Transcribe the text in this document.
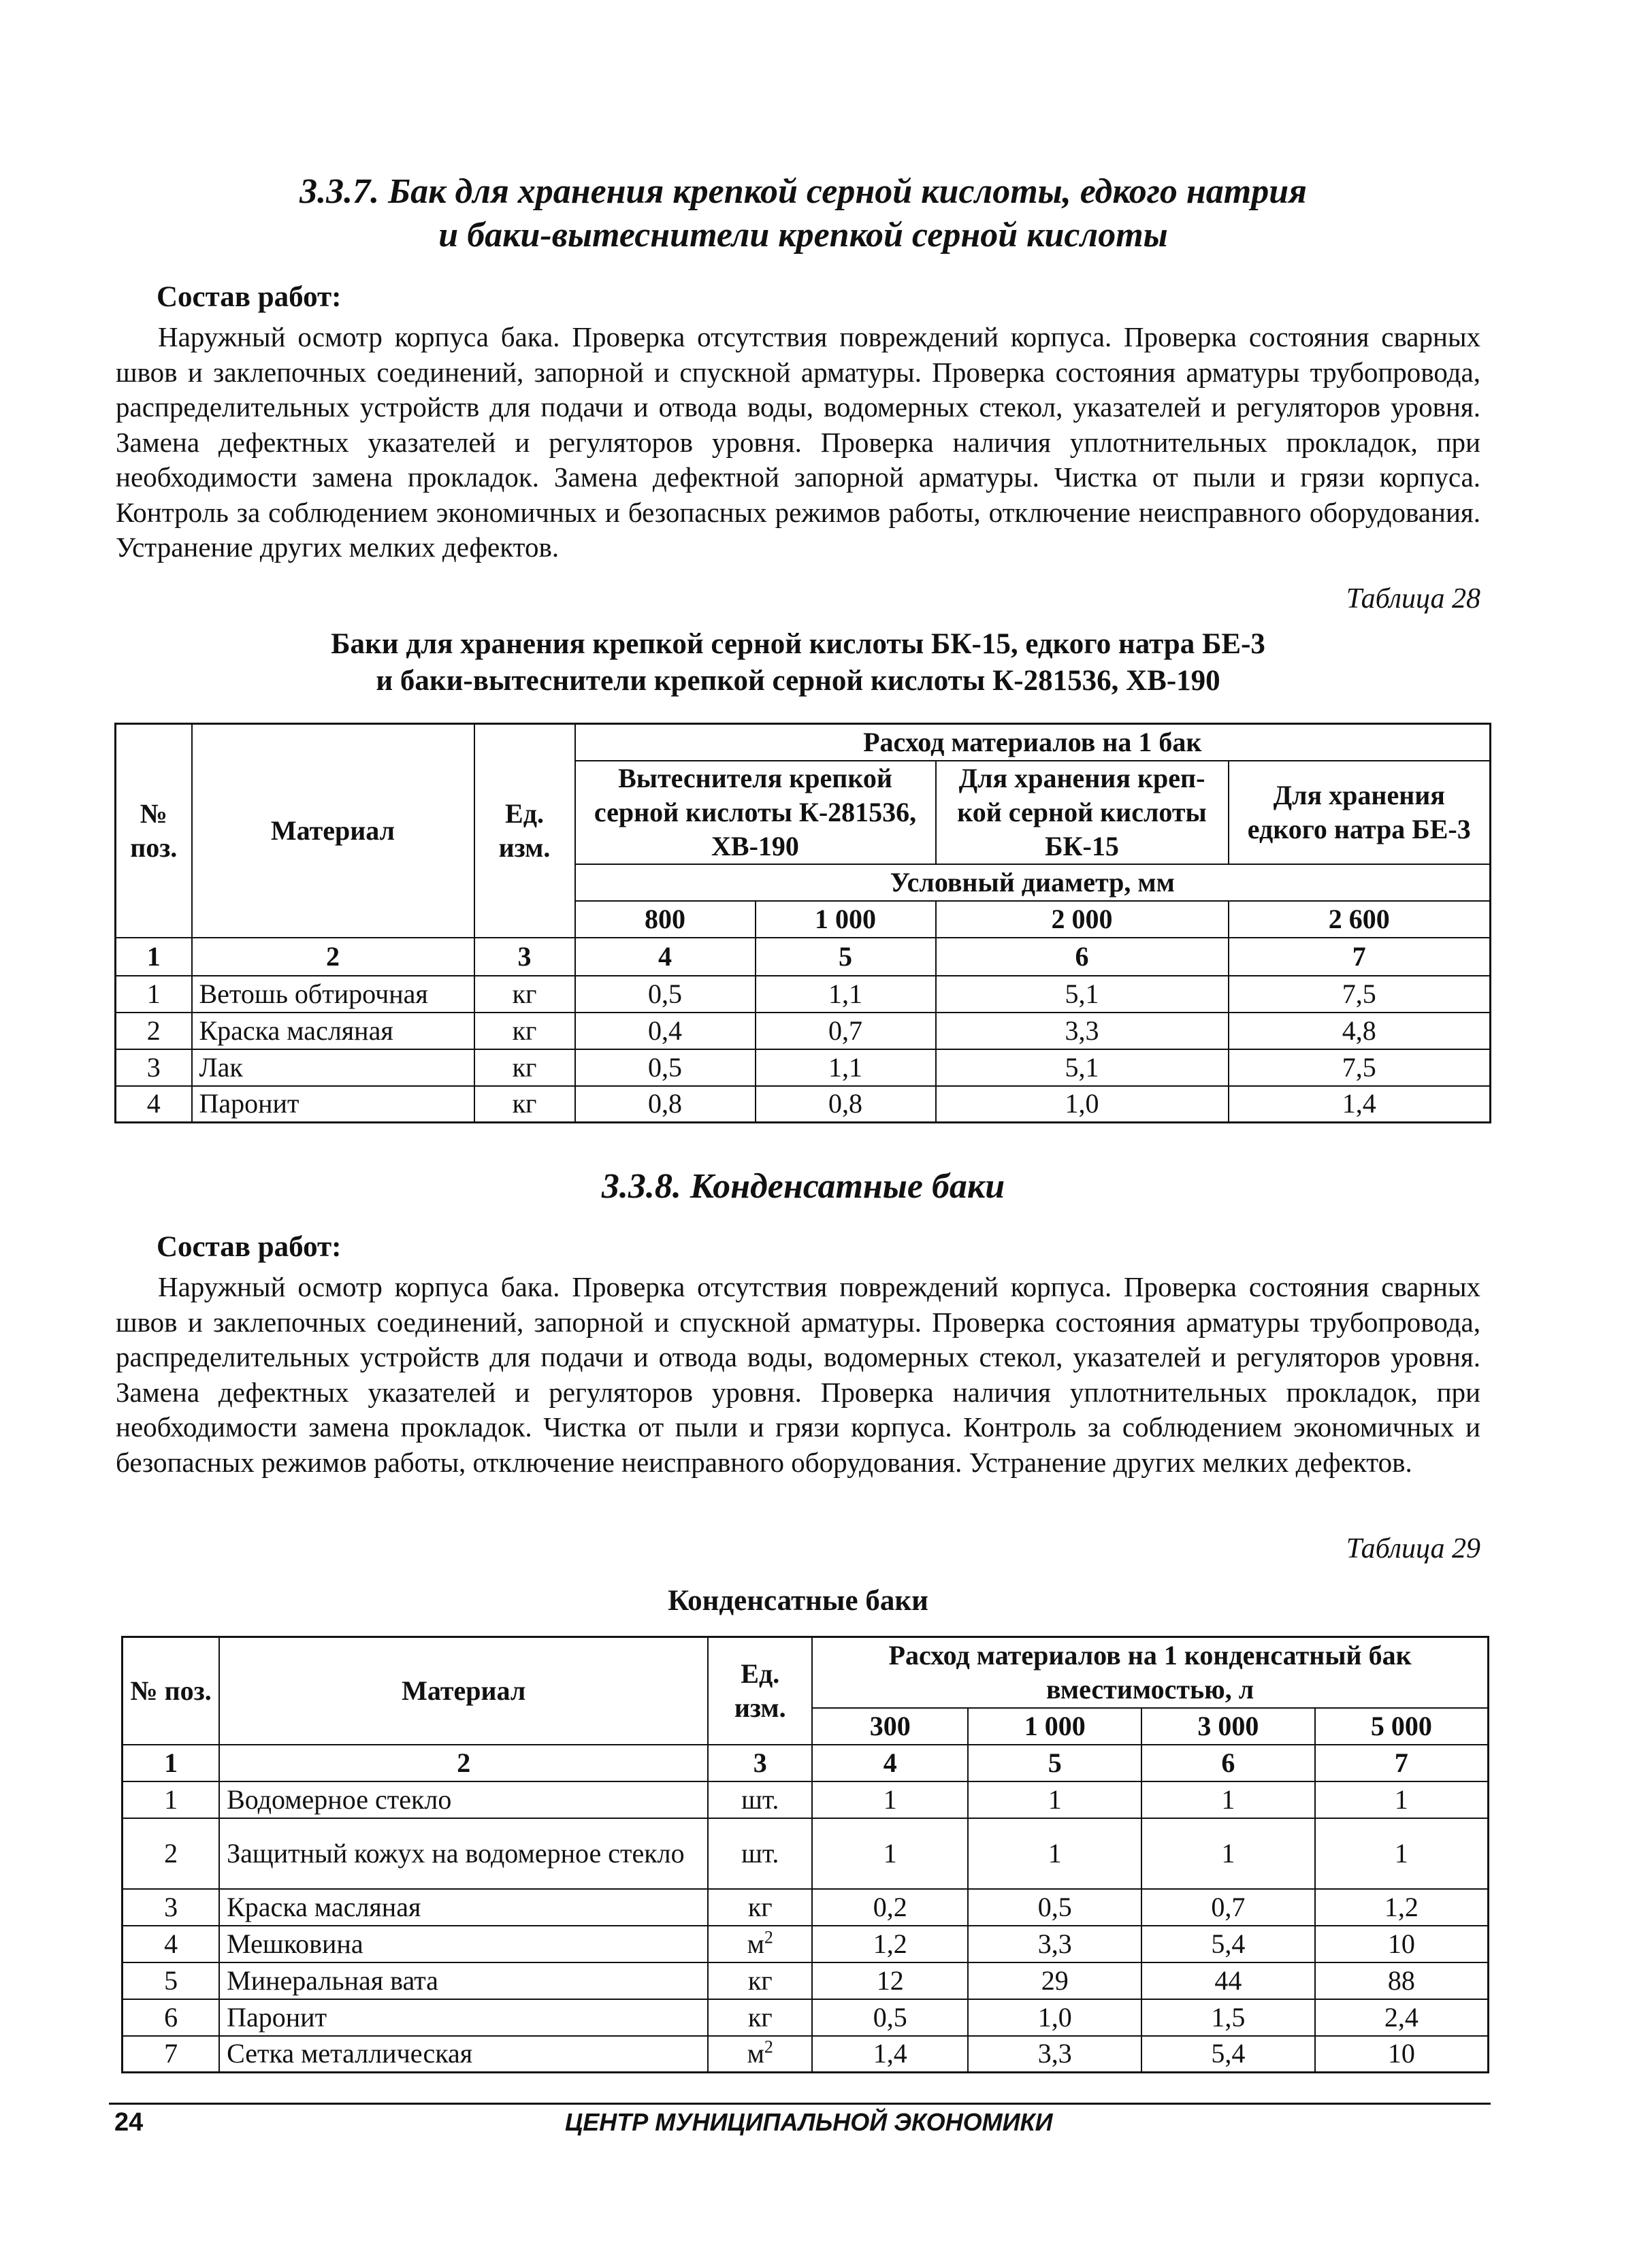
3.3.7. Бак для хранения крепкой серной кислоты, едкого натрия
и баки-вытеснители крепкой серной кислоты
Состав работ:
Наружный осмотр корпуса бака. Проверка отсутствия повреждений корпуса. Проверка состояния сварных швов и заклепочных соединений, запорной и спускной арматуры. Проверка состояния арматуры трубопровода, распределительных устройств для подачи и отвода воды, водомерных стекол, указателей и регуляторов уровня. Замена дефектных указателей и регуляторов уровня. Проверка наличия уплотнительных прокладок, при необходимости замена прокладок. Замена дефектной запорной арматуры. Чистка от пыли и грязи корпуса. Контроль за соблюдением экономичных и безопасных режимов работы, отключение неисправного оборудования. Устранение других мелких дефектов.
Таблица 28
Баки для хранения крепкой серной кислоты БК-15, едкого натра БЕ-3
и баки-вытеснители крепкой серной кислоты К-281536, ХВ-190
№ поз.	Материал	Ед. изм.	Расход материалов на 1 бак			
			Вытеснителя крепкой серной кислоты К-281536, ХВ-190		Для хранения креп-кой серной кислоты БК-15	Для хранения едкого натра БЕ-3
			Условный диаметр, мм			
			800	1 000	2 000	2 600
1	2	3	4	5	6	7
1	Ветошь обтирочная	кг	0,5	1,1	5,1	7,5
2	Краска масляная	кг	0,4	0,7	3,3	4,8
3	Лак	кг	0,5	1,1	5,1	7,5
4	Паронит	кг	0,8	0,8	1,0	1,4
3.3.8. Конденсатные баки
Состав работ:
Наружный осмотр корпуса бака. Проверка отсутствия повреждений корпуса. Проверка состояния сварных швов и заклепочных соединений, запорной и спускной арматуры. Проверка состояния арматуры трубопровода, распределительных устройств для подачи и отвода воды, водомерных стекол, указателей и регуляторов уровня. Замена дефектных указателей и регуляторов уровня. Проверка наличия уплотнительных прокладок, при необходимости замена прокладок. Чистка от пыли и грязи корпуса. Контроль за соблюдением экономичных и безопасных режимов работы, отключение неисправного оборудования. Устранение других мелких дефектов.
Таблица 29
Конденсатные баки
№ поз.	Материал	Ед. изм.	Расход материалов на 1 конденсатный бак вместимостью, л			
			300	1 000	3 000	5 000
1	2	3	4	5	6	7
1	Водомерное стекло	шт.	1	1	1	1
2	Защитный кожух на водомерное стекло	шт.	1	1	1	1
3	Краска масляная	кг	0,2	0,5	0,7	1,2
4	Мешковина	$м^2$	1,2	3,3	5,4	10
5	Минеральная вата	кг	12	29	44	88
6	Паронит	кг	0,5	1,0	1,5	2,4
7	Сетка металлическая	$м^2$	1,4	3,3	5,4	10
24	ЦЕНТР МУНИЦИПАЛЬНОЙ ЭКОНОМИКИ
